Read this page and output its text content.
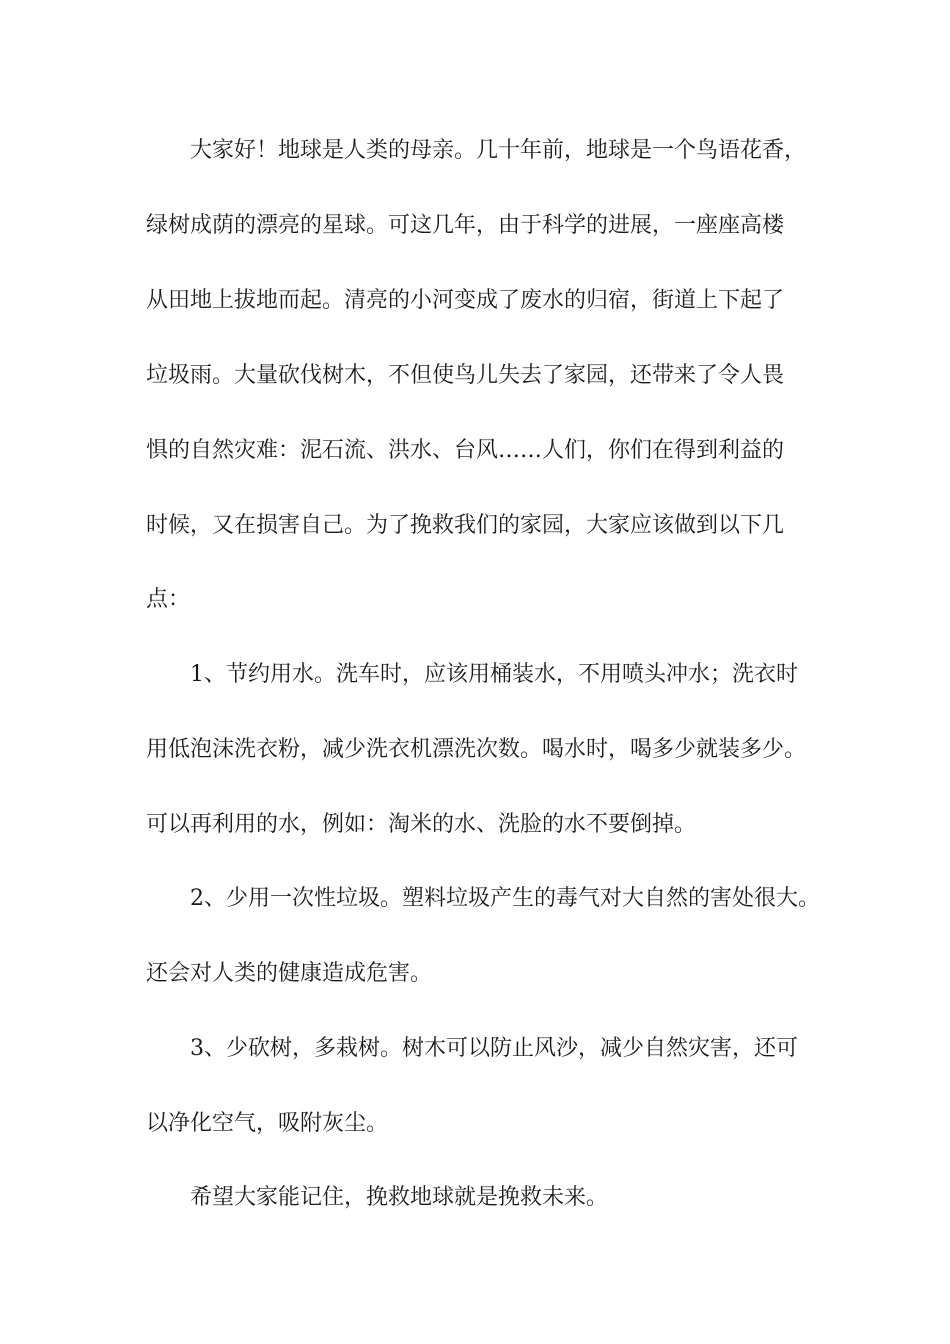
大家好！地球是人类的母亲。几十年前，地球是一个鸟语花香，
绿树成荫的漂亮的星球。可这几年，由于科学的进展，一座座高楼
从田地上拔地而起。清亮的小河变成了废水的归宿，街道上下起了
垃圾雨。大量砍伐树木，不但使鸟儿失去了家园，还带来了令人畏
惧的自然灾难：泥石流、洪水、台风……人们，你们在得到利益的
时候，又在损害自己。为了挽救我们的家园，大家应该做到以下几
点：
1、节约用水。洗车时，应该用桶装水，不用喷头冲水；洗衣时
用低泡沫洗衣粉，减少洗衣机漂洗次数。喝水时，喝多少就装多少。
可以再利用的水，例如：淘米的水、洗脸的水不要倒掉。
2、少用一次性垃圾。塑料垃圾产生的毒气对大自然的害处很大。
还会对人类的健康造成危害。
3、少砍树，多栽树。树木可以防止风沙，减少自然灾害，还可
以净化空气，吸附灰尘。
希望大家能记住，挽救地球就是挽救未来。
